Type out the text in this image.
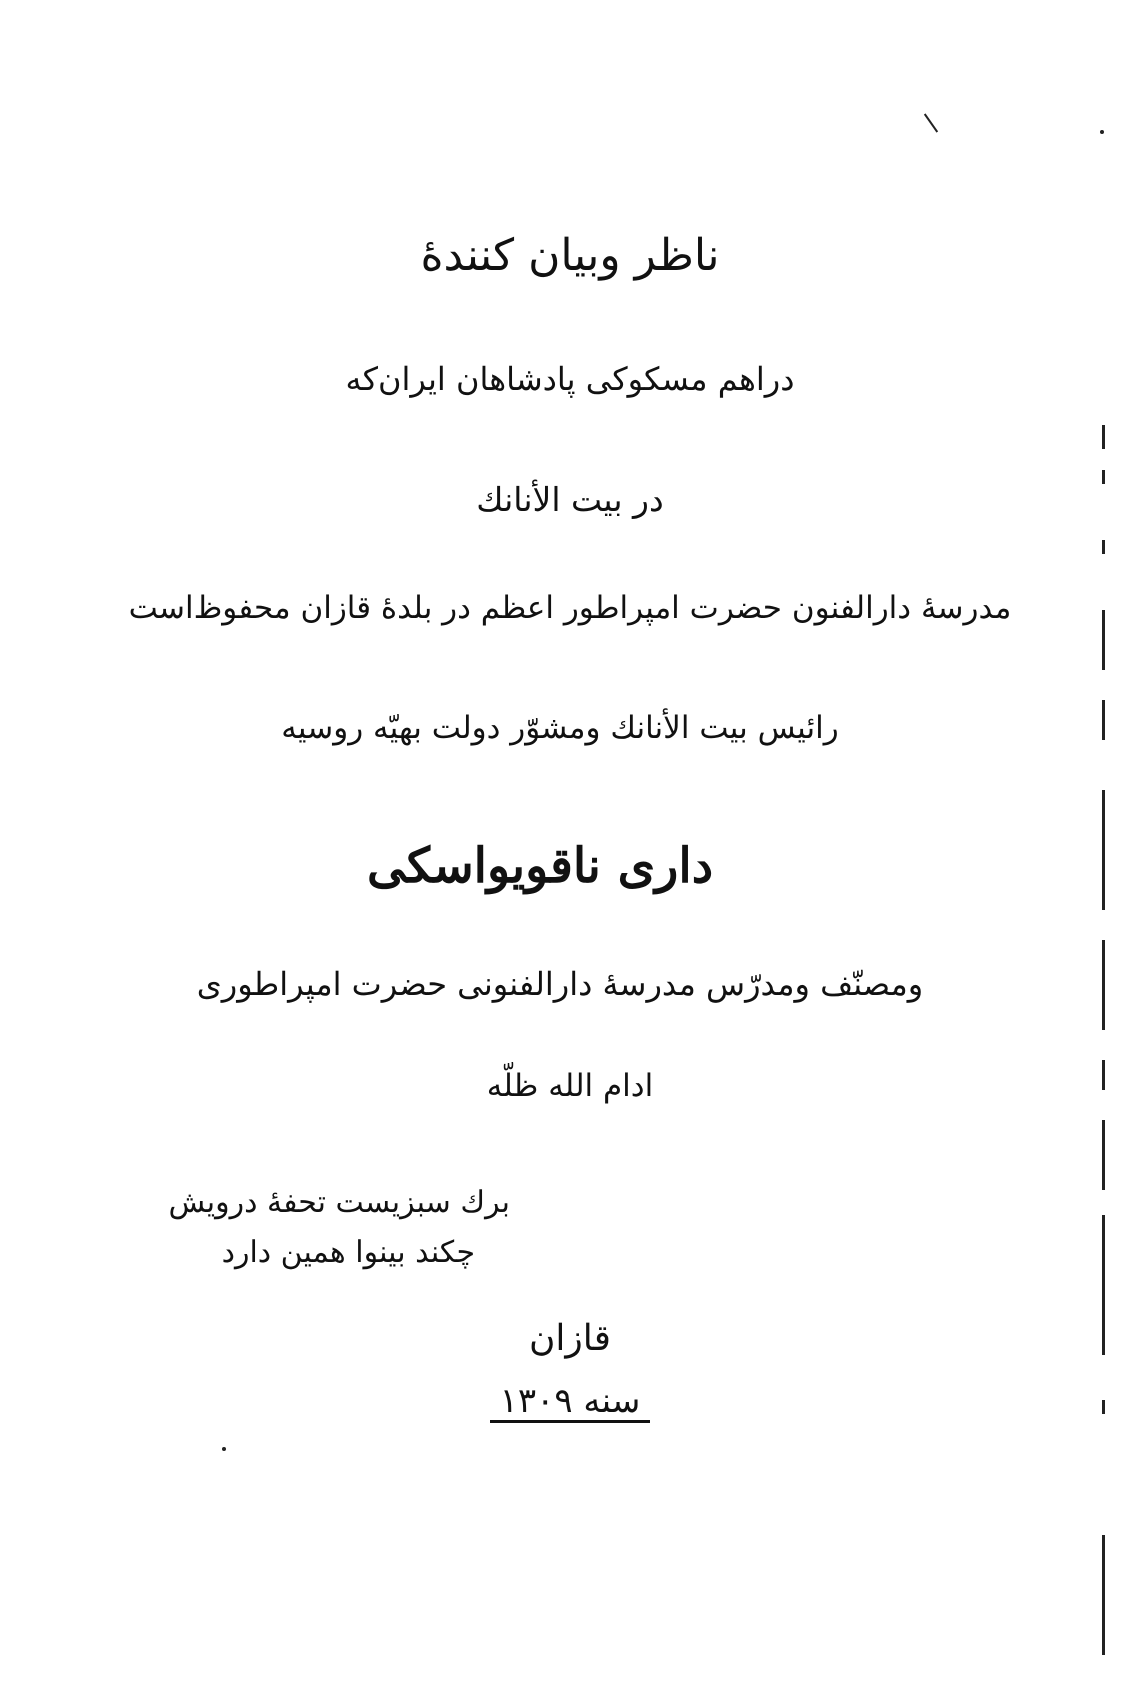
ناظر وبیان کنندهٔ
دراهم مسکوکی پادشاهان ایران‌که
در بیت الأنانك
مدرسهٔ دارالفنون حضرت امپراطور اعظم در بلدهٔ قازان محفوظ‌است
رائیس بیت الأنانك ومشوّر دولت بهیّه روسیه
داری ناقویواسکی
ومصنّف ومدرّس مدرسهٔ دارالفنونی حضرت امپراطوری
ادام الله ظلّه
برك سبزیست تحفهٔ درویش
چکند بینوا همین دارد
قازان
سنه ۱۳۰۹
